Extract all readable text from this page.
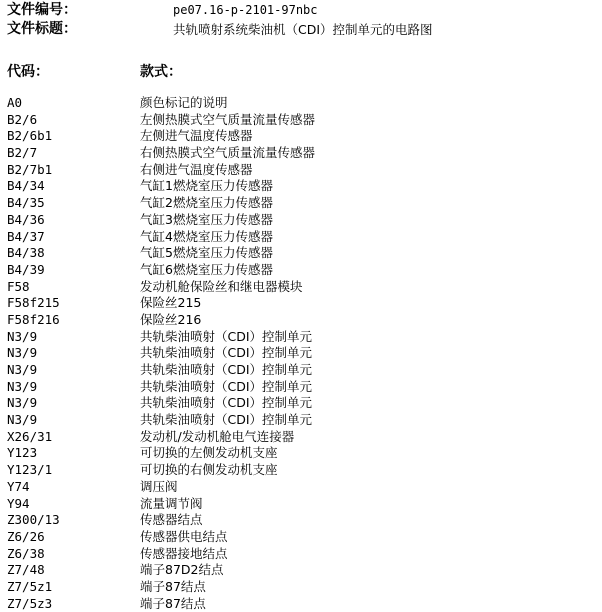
文件编号：	pe07.16-p-2101-97nbc
文件标题：	共轨喷射系统柴油机（CDI）控制单元的电路图
代码：	款式：
A0	颜色标记的说明
B2/6	左侧热膜式空气质量流量传感器
B2/6b1	左侧进气温度传感器
B2/7	右侧热膜式空气质量流量传感器
B2/7b1	右侧进气温度传感器
B4/34	气缸1燃烧室压力传感器
B4/35	气缸2燃烧室压力传感器
B4/36	气缸3燃烧室压力传感器
B4/37	气缸4燃烧室压力传感器
B4/38	气缸5燃烧室压力传感器
B4/39	气缸6燃烧室压力传感器
F58	发动机舱保险丝和继电器模块
F58f215	保险丝215
F58f216	保险丝216
N3/9	共轨柴油喷射（CDI）控制单元
N3/9	共轨柴油喷射（CDI）控制单元
N3/9	共轨柴油喷射（CDI）控制单元
N3/9	共轨柴油喷射（CDI）控制单元
N3/9	共轨柴油喷射（CDI）控制单元
N3/9	共轨柴油喷射（CDI）控制单元
X26/31	发动机/发动机舱电气连接器
Y123	可切换的左侧发动机支座
Y123/1	可切换的右侧发动机支座
Y74	调压阀
Y94	流量调节阀
Z300/13	传感器结点
Z6/26	传感器供电结点
Z6/38	传感器接地结点
Z7/48	端子87D2结点
Z7/5z1	端子87结点
Z7/5z3	端子87结点
